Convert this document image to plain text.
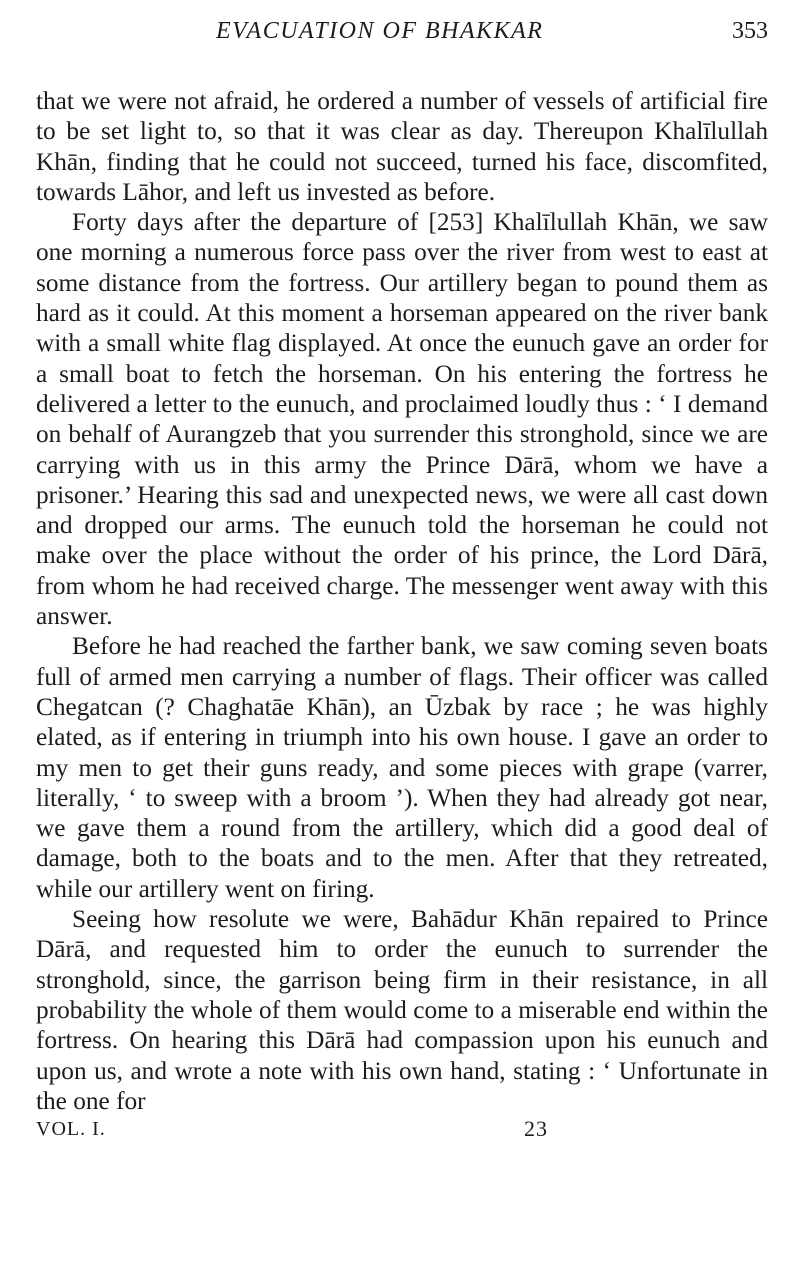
EVACUATION OF BHAKKAR	353

that we were not afraid, he ordered a number of vessels of artificial fire to be set light to, so that it was clear as day. Thereupon Khalīlullah Khān, finding that he could not succeed, turned his face, discomfited, towards Lāhor, and left us invested as before.

Forty days after the departure of [253] Khalīlullah Khān, we saw one morning a numerous force pass over the river from west to east at some distance from the fortress. Our artillery began to pound them as hard as it could. At this moment a horseman appeared on the river bank with a small white flag displayed. At once the eunuch gave an order for a small boat to fetch the horseman. On his entering the fortress he delivered a letter to the eunuch, and proclaimed loudly thus : ‘ I demand on behalf of Aurangzeb that you surrender this stronghold, since we are carrying with us in this army the Prince Dārā, whom we have a prisoner.’ Hearing this sad and unexpected news, we were all cast down and dropped our arms. The eunuch told the horseman he could not make over the place without the order of his prince, the Lord Dārā, from whom he had received charge. The messenger went away with this answer.

Before he had reached the farther bank, we saw coming seven boats full of armed men carrying a number of flags. Their officer was called Chegatcan (? Chaghatāe Khān), an Ūzbak by race ; he was highly elated, as if entering in triumph into his own house. I gave an order to my men to get their guns ready, and some pieces with grape (varrer, literally, ‘ to sweep with a broom ’). When they had already got near, we gave them a round from the artillery, which did a good deal of damage, both to the boats and to the men. After that they retreated, while our artillery went on firing.

Seeing how resolute we were, Bahādur Khān repaired to Prince Dārā, and requested him to order the eunuch to surrender the stronghold, since, the garrison being firm in their resistance, in all probability the whole of them would come to a miserable end within the fortress. On hearing this Dārā had compassion upon his eunuch and upon us, and wrote a note with his own hand, stating : ‘ Unfortunate in the one for

VOL. I.	23
